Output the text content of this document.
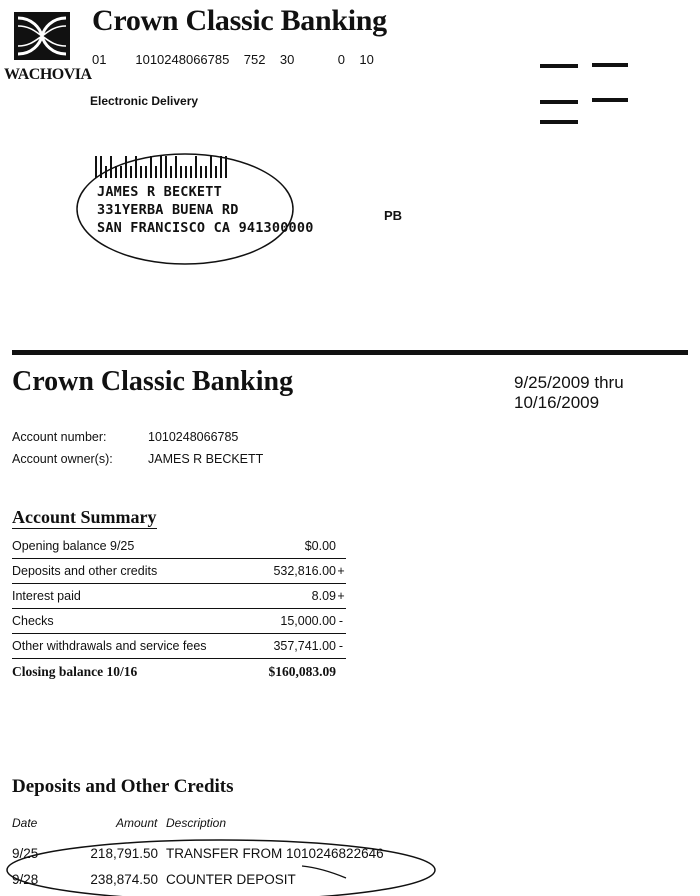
Crown Classic Banking
WACHOVIA
01        1010248066785    752    30            0    10
Electronic Delivery
JAMES R BECKETT
331YERBA BUENA RD
SAN FRANCISCO CA 941300000
PB
Crown Classic Banking	9/25/2009 thru 10/16/2009
Account number:	1010248066785
Account owner(s):	JAMES R BECKETT
Account Summary
Opening balance 9/25	$0.00
Deposits and other credits	532,816.00 +
Interest paid	8.09 +
Checks	15,000.00 -
Other withdrawals and service fees	357,741.00 -
Closing balance 10/16	$160,083.09
Deposits and Other Credits
Date	Amount Description
9/25	218,791.50 TRANSFER FROM 1010246822646
9/28	238,874.50 COUNTER DEPOSIT
